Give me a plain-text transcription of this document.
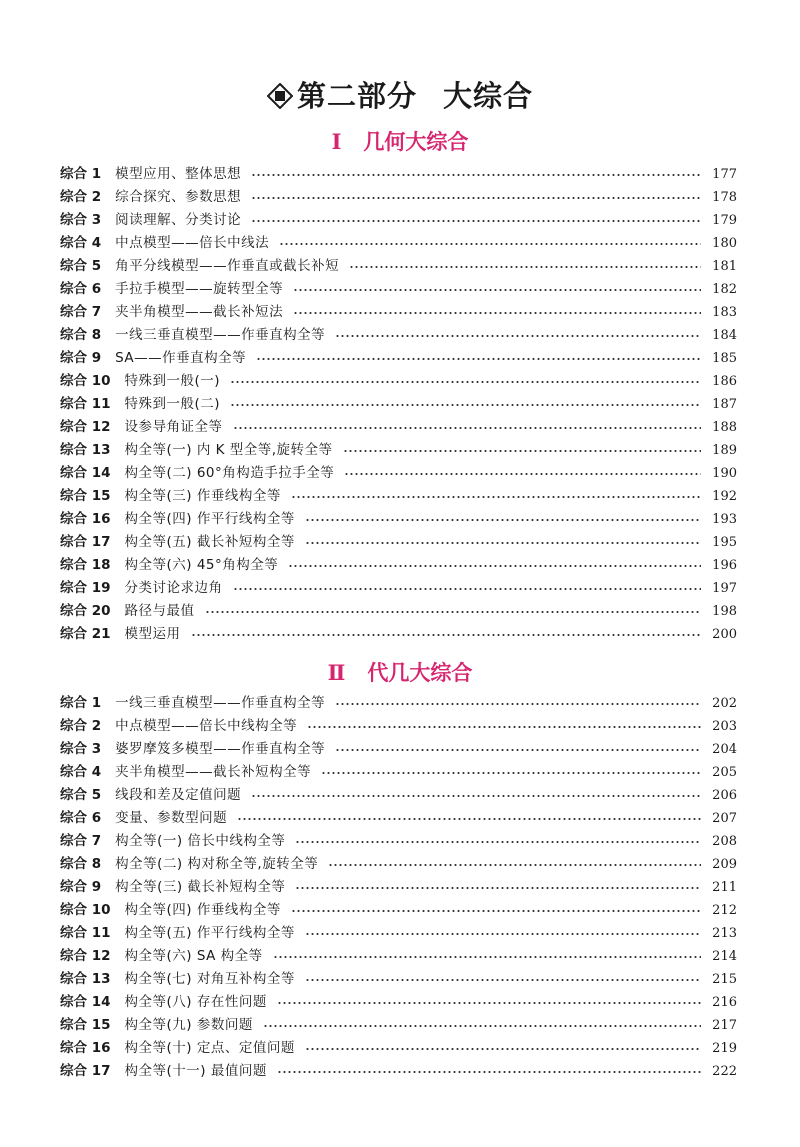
第二部分 大综合
Ⅰ 几何大综合
综合 1 模型应用、整体思想	177
综合 2 综合探究、参数思想	178
综合 3 阅读理解、分类讨论	179
综合 4 中点模型——倍长中线法	180
综合 5 角平分线模型——作垂直或截长补短	181
综合 6 手拉手模型——旋转型全等	182
综合 7 夹半角模型——截长补短法	183
综合 8 一线三垂直模型——作垂直构全等	184
综合 9 SA——作垂直构全等	185
综合 10 特殊到一般(一)	186
综合 11 特殊到一般(二)	187
综合 12 设参导角证全等	188
综合 13 构全等(一) 内 K 型全等,旋转全等	189
综合 14 构全等(二) 60°角构造手拉手全等	190
综合 15 构全等(三) 作垂线构全等	192
综合 16 构全等(四) 作平行线构全等	193
综合 17 构全等(五) 截长补短构全等	195
综合 18 构全等(六) 45°角构全等	196
综合 19 分类讨论求边角	197
综合 20 路径与最值	198
综合 21 模型运用	200
Ⅱ 代几大综合
综合 1 一线三垂直模型——作垂直构全等	202
综合 2 中点模型——倍长中线构全等	203
综合 3 婆罗摩笈多模型——作垂直构全等	204
综合 4 夹半角模型——截长补短构全等	205
综合 5 线段和差及定值问题	206
综合 6 变量、参数型问题	207
综合 7 构全等(一) 倍长中线构全等	208
综合 8 构全等(二) 构对称全等,旋转全等	209
综合 9 构全等(三) 截长补短构全等	211
综合 10 构全等(四) 作垂线构全等	212
综合 11 构全等(五) 作平行线构全等	213
综合 12 构全等(六) SA 构全等	214
综合 13 构全等(七) 对角互补构全等	215
综合 14 构全等(八) 存在性问题	216
综合 15 构全等(九) 参数问题	217
综合 16 构全等(十) 定点、定值问题	219
综合 17 构全等(十一) 最值问题	222
